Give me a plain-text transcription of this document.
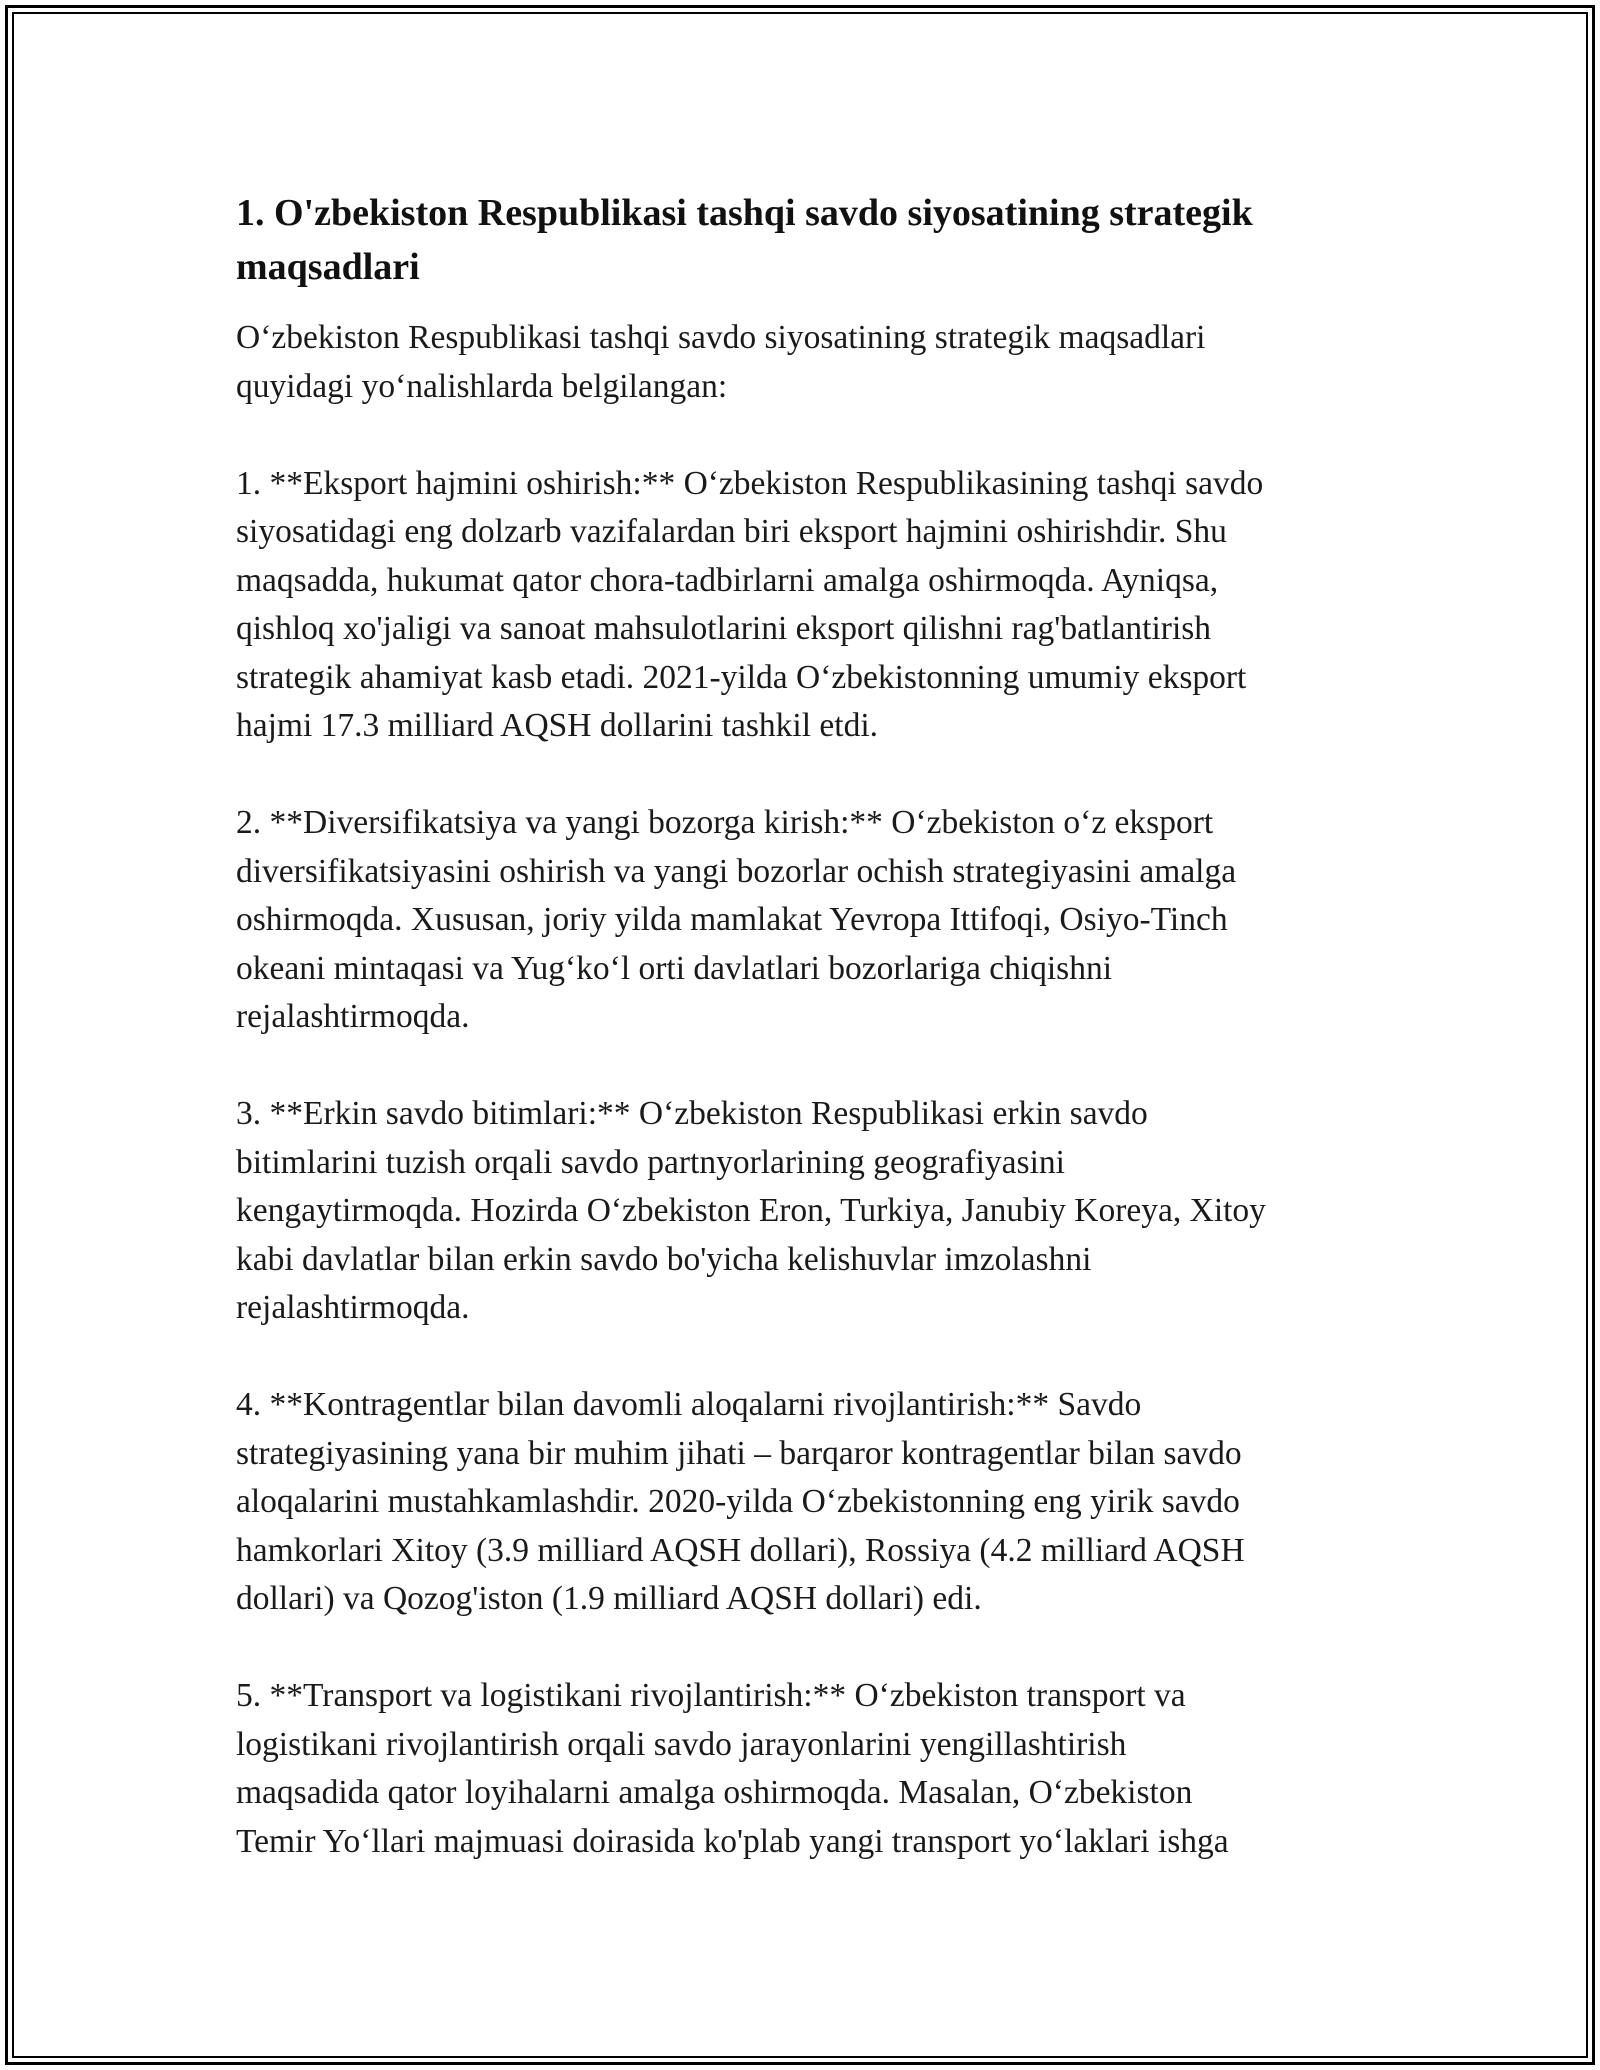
1. O'zbekiston Respublikasi tashqi savdo siyosatining strategik maqsadlari

O‘zbekiston Respublikasi tashqi savdo siyosatining strategik maqsadlari
quyidagi yo‘nalishlarda belgilangan:

1. **Eksport hajmini oshirish:** O‘zbekiston Respublikasining tashqi savdo
siyosatidagi eng dolzarb vazifalardan biri eksport hajmini oshirishdir. Shu
maqsadda, hukumat qator chora-tadbirlarni amalga oshirmoqda. Ayniqsa,
qishloq xo'jaligi va sanoat mahsulotlarini eksport qilishni rag'batlantirish
strategik ahamiyat kasb etadi. 2021-yilda O‘zbekistonning umumiy eksport
hajmi 17.3 milliard AQSH dollarini tashkil etdi.

2. **Diversifikatsiya va yangi bozorga kirish:** O‘zbekiston o‘z eksport
diversifikatsiyasini oshirish va yangi bozorlar ochish strategiyasini amalga
oshirmoqda. Xususan, joriy yilda mamlakat Yevropa Ittifoqi, Osiyo-Tinch
okeani mintaqasi va Yug‘ko‘l orti davlatlari bozorlariga chiqishni
rejalashtirmoqda.

3. **Erkin savdo bitimlari:** O‘zbekiston Respublikasi erkin savdo
bitimlarini tuzish orqali savdo partnyorlarining geografiyasini
kengaytirmoqda. Hozirda O‘zbekiston Eron, Turkiya, Janubiy Koreya, Xitoy
kabi davlatlar bilan erkin savdo bo'yicha kelishuvlar imzolashni
rejalashtirmoqda.

4. **Kontragentlar bilan davomli aloqalarni rivojlantirish:** Savdo
strategiyasining yana bir muhim jihati – barqaror kontragentlar bilan savdo
aloqalarini mustahkamlashdir. 2020-yilda O‘zbekistonning eng yirik savdo
hamkorlari Xitoy (3.9 milliard AQSH dollari), Rossiya (4.2 milliard AQSH
dollari) va Qozog'iston (1.9 milliard AQSH dollari) edi.

5. **Transport va logistikani rivojlantirish:** O‘zbekiston transport va
logistikani rivojlantirish orqali savdo jarayonlarini yengillashtirish
maqsadida qator loyihalarni amalga oshirmoqda. Masalan, O‘zbekiston
Temir Yo‘llari majmuasi doirasida ko'plab yangi transport yo‘laklari ishga
